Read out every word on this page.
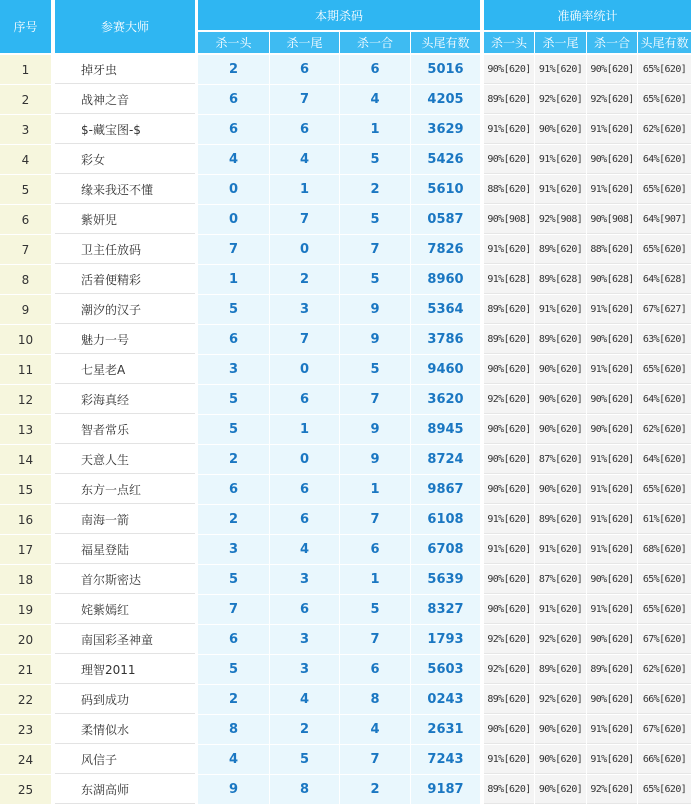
序号	参赛大师
本期杀码	准确率统计
杀一头	杀一尾	杀一合	头尾有数	杀一头	杀一尾	杀一合 头尾有数
1	掉牙虫	2	6	6	5016	90%[620] 91%[620] 90%[620] 65%[620]
2	战神之音	6	7	4	4205	89%[620] 92%[620] 92%[620] 65%[620]
3	$-藏宝图-$	6	6	1	3629	91%[620] 90%[620] 91%[620] 62%[620]
4	彩女	4	4	5	5426	90%[620] 91%[620] 90%[620] 64%[620]
5	缘来我还不懂	0	1	2	5610	88%[620] 91%[620] 91%[620] 65%[620]
6	紫妍児	0	7	5	0587	90%[908] 92%[908] 90%[908] 64%[907]
7	卫主任放码	7	0	7	7826	91%[620] 89%[620] 88%[620] 65%[620]
8	活着便精彩	1	2	5	8960	91%[628] 89%[628] 90%[628] 64%[628]
9	潮汐的汉子	5	3	9	5364	89%[620] 91%[620] 91%[620] 67%[627]
10	魅力一号	6	7	9	3786	89%[620] 89%[620] 90%[620] 63%[620]
11	七星老A	3	0	5	9460	90%[620] 90%[620] 91%[620] 65%[620]
12	彩海真经	5	6	7	3620	92%[620] 90%[620] 90%[620] 64%[620]
13	智者常乐	5	1	9	8945	90%[620] 90%[620] 90%[620] 62%[620]
14	天意人生	2	0	9	8724	90%[620] 87%[620] 91%[620] 64%[620]
15	东方一点红	6	6	1	9867	90%[620] 90%[620] 91%[620] 65%[620]
16	南海一箭	2	6	7	6108	91%[620] 89%[620] 91%[620] 61%[620]
17	福星登陆	3	4	6	6708	91%[620] 91%[620] 91%[620] 68%[620]
18	首尔斯密达	5	3	1	5639	90%[620] 87%[620] 90%[620] 65%[620]
19	姹紫嫣红	7	6	5	8327	90%[620] 91%[620] 91%[620] 65%[620]
20	南国彩圣神童	6	3	7	1793	92%[620] 92%[620] 90%[620] 67%[620]
21	理智2011	5	3	6	5603	92%[620] 89%[620] 89%[620] 62%[620]
22	码到成功	2	4	8	0243	89%[620] 92%[620] 90%[620] 66%[620]
23	柔情似水	8	2	4	2631	90%[620] 90%[620] 91%[620] 67%[620]
24	风信子	4	5	7	7243	91%[620] 90%[620] 91%[620] 66%[620]
25	东湖高师	9	8	2	9187	89%[620] 90%[620] 92%[620] 65%[620]
